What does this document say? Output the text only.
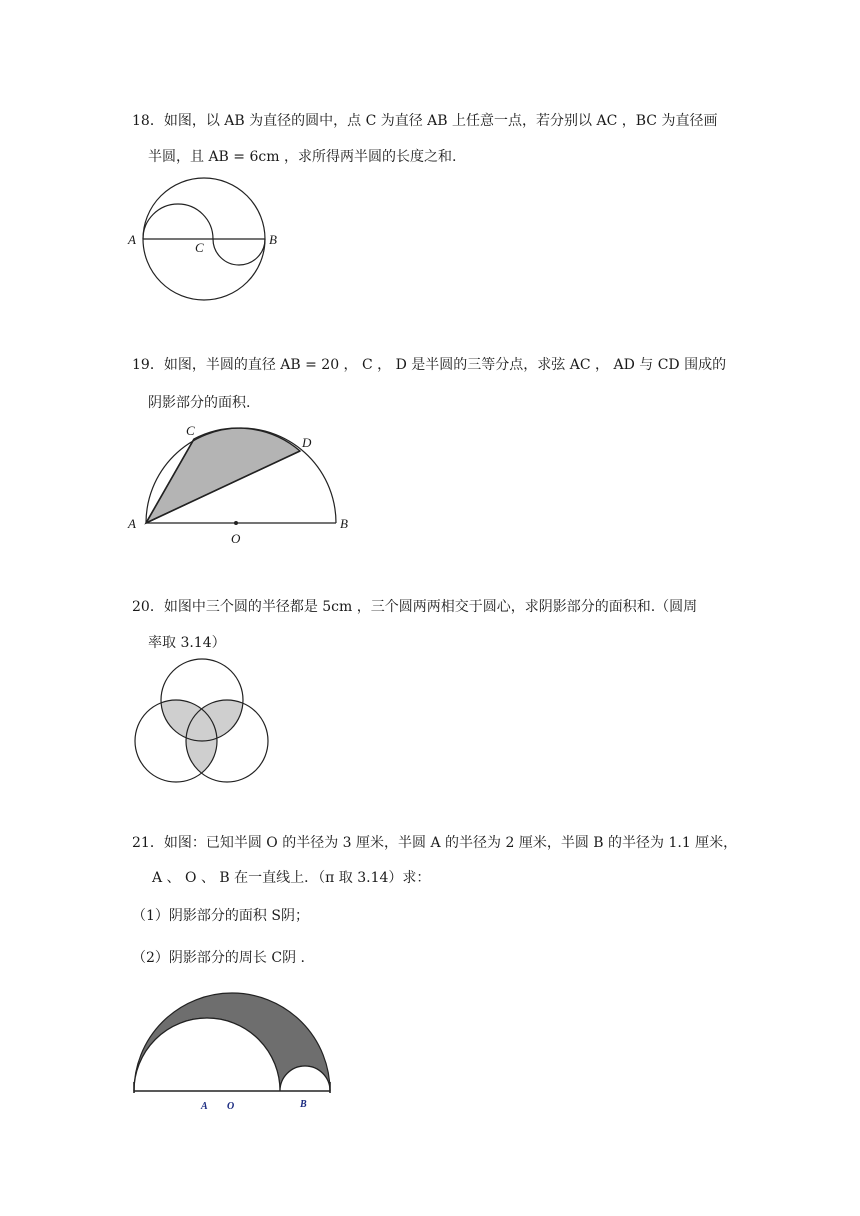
18．如图，以 AB 为直径的圆中，点 C 为直径 AB 上任意一点，若分别以 AC ，BC 为直径画
半圆，且 AB = 6cm ，求所得两半圆的长度之和.
A
C
B
19．如图，半圆的直径 AB = 20 ， C ， D 是半圆的三等分点，求弦 AC ， AD 与 CD 围成的
阴影部分的面积.
C
D
A
O
B
20．如图中三个圆的半径都是 5cm ，三个圆两两相交于圆心，求阴影部分的面积和.（圆周
率取 3.14）
21．如图：已知半圆 O 的半径为 3 厘米，半圆 A 的半径为 2 厘米，半圆 B 的半径为 1.1 厘米，
A 、 O 、 B 在一直线上．（π 取 3.14）求：
（1）阴影部分的面积 S阴；
（2）阴影部分的周长 C阴 .
A O	B
